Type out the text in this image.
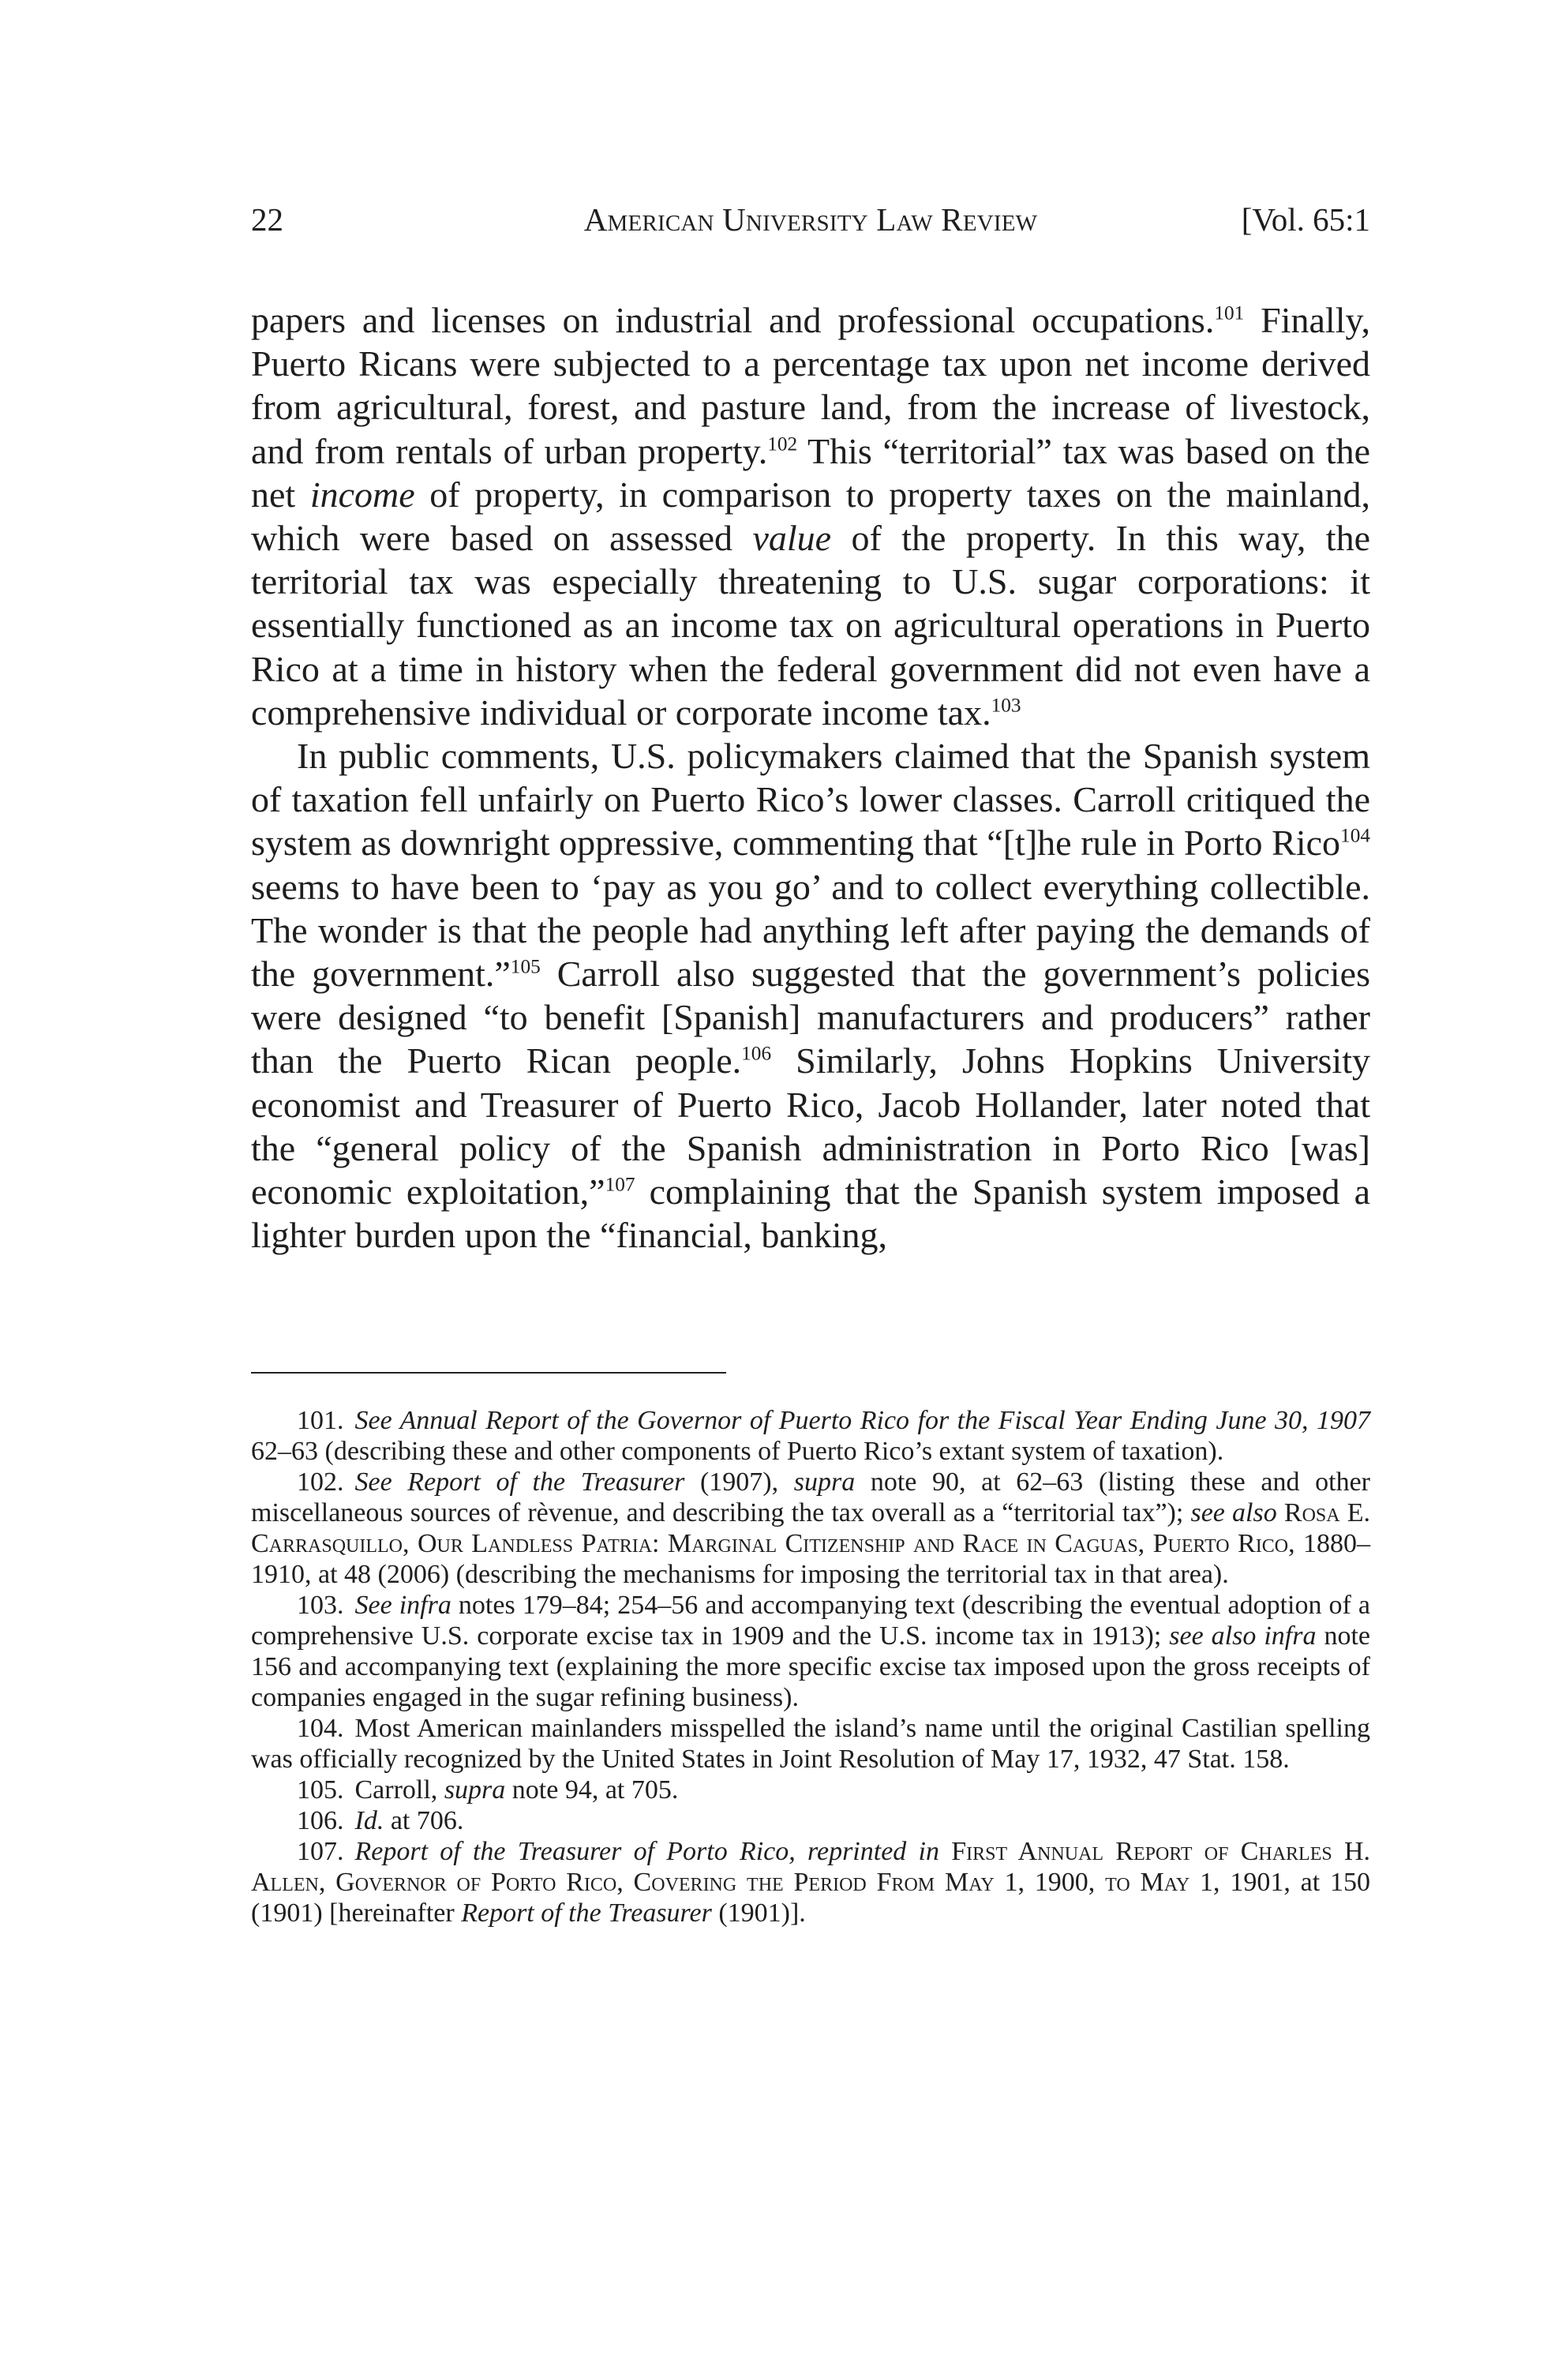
22	American University Law Review	[Vol. 65:1

papers and licenses on industrial and professional occupations.$^{101}$ Finally, Puerto Ricans were subjected to a percentage tax upon net income derived from agricultural, forest, and pasture land, from the increase of livestock, and from rentals of urban property.$^{102}$ This “territorial” tax was based on the net income of property, in comparison to property taxes on the mainland, which were based on assessed value of the property. In this way, the territorial tax was especially threatening to U.S. sugar corporations: it essentially functioned as an income tax on agricultural operations in Puerto Rico at a time in history when the federal government did not even have a comprehensive individual or corporate income tax.$^{103}$

In public comments, U.S. policymakers claimed that the Spanish system of taxation fell unfairly on Puerto Rico’s lower classes. Carroll critiqued the system as downright oppressive, commenting that “[t]he rule in Porto Rico$^{104}$ seems to have been to ‘pay as you go’ and to collect everything collectible. The wonder is that the people had anything left after paying the demands of the government.”$^{105}$ Carroll also suggested that the government’s policies were designed “to benefit [Spanish] manufacturers and producers” rather than the Puerto Rican people.$^{106}$ Similarly, Johns Hopkins University economist and Treasurer of Puerto Rico, Jacob Hollander, later noted that the “general policy of the Spanish administration in Porto Rico [was] economic exploitation,”$^{107}$ complaining that the Spanish system imposed a lighter burden upon the “financial, banking,

101. See Annual Report of the Governor of Puerto Rico for the Fiscal Year Ending June 30, 1907 62–63 (describing these and other components of Puerto Rico’s extant system of taxation).

102. See Report of the Treasurer (1907), supra note 90, at 62–63 (listing these and other miscellaneous sources of rèvenue, and describing the tax overall as a “territorial tax”); see also Rosa E. Carrasquillo, Our Landless Patria: Marginal Citizenship and Race in Caguas, Puerto Rico, 1880–1910, at 48 (2006) (describing the mechanisms for imposing the territorial tax in that area).

103. See infra notes 179–84; 254–56 and accompanying text (describing the eventual adoption of a comprehensive U.S. corporate excise tax in 1909 and the U.S. income tax in 1913); see also infra note 156 and accompanying text (explaining the more specific excise tax imposed upon the gross receipts of companies engaged in the sugar refining business).

104. Most American mainlanders misspelled the island’s name until the original Castilian spelling was officially recognized by the United States in Joint Resolution of May 17, 1932, 47 Stat. 158.

105. Carroll, supra note 94, at 705.

106. Id. at 706.

107. Report of the Treasurer of Porto Rico, reprinted in First Annual Report of Charles H. Allen, Governor of Porto Rico, Covering the Period From May 1, 1900, to May 1, 1901, at 150 (1901) [hereinafter Report of the Treasurer (1901)].
